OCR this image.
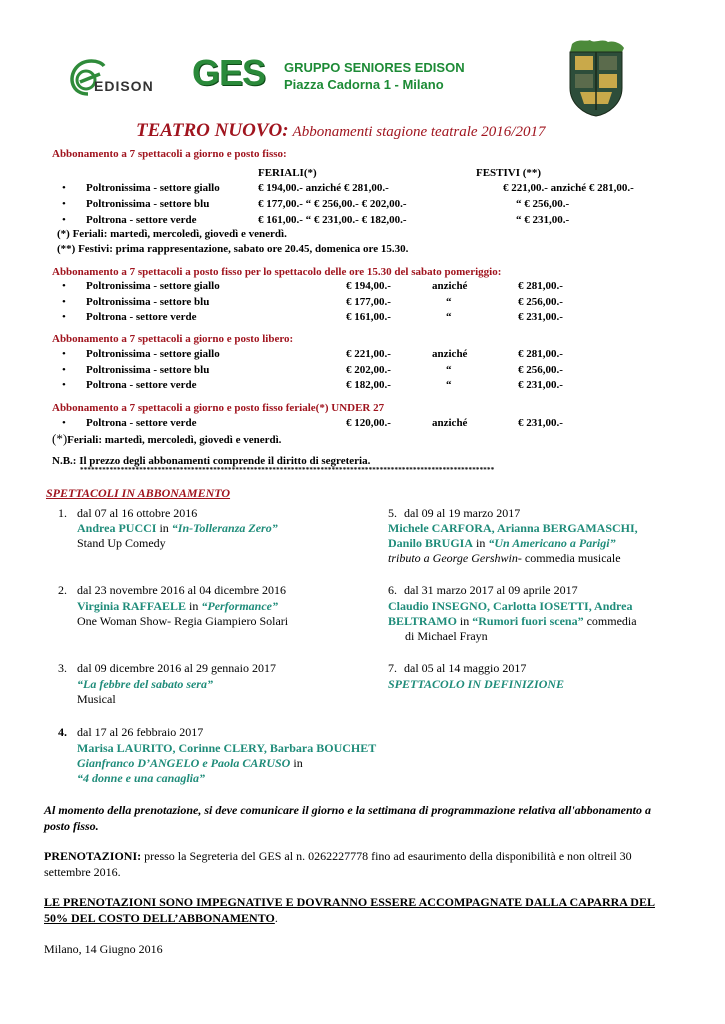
EDISON GES GRUPPO SENIORES EDISON
Piazza Cadorna 1 - Milano
TEATRO NUOVO: Abbonamenti stagione teatrale 2016/2017
Abbonamento a 7 spettacoli a giorno e posto fisso:
FERIALI(*)	FESTIVI (**)
• Poltronissima - settore giallo	€ 194,00.- anziché € 281,00.-	€ 221,00.- anziché € 281,00.-
• Poltronissima - settore blu	€ 177,00.- “ € 256,00.- € 202,00.-	“ € 256,00.-
• Poltrona - settore verde	€ 161,00.- “ € 231,00.- € 182,00.-	“ € 231,00.-
(*) Feriali: martedì, mercoledì, giovedì e venerdì.
(**) Festivi: prima rappresentazione, sabato ore 20.45, domenica ore 15.30.
Abbonamento a 7 spettacoli a posto fisso per lo spettacolo delle ore 15.30 del sabato pomeriggio:
• Poltronissima - settore giallo	€ 194,00.-	anziché	€ 281,00.-
• Poltronissima - settore blu	€ 177,00.-	“	€ 256,00.-
• Poltrona - settore verde	€ 161,00.-	“	€ 231,00.-
Abbonamento a 7 spettacoli a giorno e posto libero:
• Poltronissima - settore giallo	€ 221,00.-	anziché	€ 281,00.-
• Poltronissima - settore blu	€ 202,00.-	“	€ 256,00.-
• Poltrona - settore verde	€ 182,00.-	“	€ 231,00.-
Abbonamento a 7 spettacoli a giorno e posto fisso feriale(*) UNDER 27
• Poltrona - settore verde	€ 120,00.-	anziché	€ 231,00.-
(*)Feriali: martedì, mercoledì, giovedì e venerdì.
N.B.: Il prezzo degli abbonamenti comprende il diritto di segreteria.
****************************************************************************************************************
SPETTACOLI IN ABBONAMENTO
1. dal 07 al 16 ottobre 2016
Andrea PUCCI in “In-Tolleranza Zero”
Stand Up Comedy
5. dal 09 al 19 marzo 2017
Michele CARFORA, Arianna BERGAMASCHI,
Danilo BRUGIA in “Un Americano a Parigi”
tributo a George Gershwin- commedia musicale
2. dal 23 novembre 2016 al 04 dicembre 2016
Virginia RAFFAELE in “Performance”
One Woman Show- Regia Giampiero Solari
6. dal 31 marzo 2017 al 09 aprile 2017
Claudio INSEGNO, Carlotta IOSETTI, Andrea
BELTRAMO in “Rumori fuori scena” commedia
di Michael Frayn
3. dal 09 dicembre 2016 al 29 gennaio 2017
“La febbre del sabato sera”
Musical
7. dal 05 al 14 maggio 2017
SPETTACOLO IN DEFINIZIONE
4. dal 17 al 26 febbraio 2017
Marisa LAURITO, Corinne CLERY, Barbara BOUCHET
Gianfranco D’ANGELO e Paola CARUSO in
“4 donne e una canaglia”
Al momento della prenotazione, si deve comunicare il giorno e la settimana di programmazione relativa all'abbonamento a posto fisso.
PRENOTAZIONI: presso la Segreteria del GES al n. 0262227778 fino ad esaurimento della disponibilità e non oltreil 30 settembre 2016.
LE PRENOTAZIONI SONO IMPEGNATIVE E DOVRANNO ESSERE ACCOMPAGNATE DALLA CAPARRA DEL 50% DEL COSTO DELL’ABBONAMENTO.
Milano, 14 Giugno 2016
